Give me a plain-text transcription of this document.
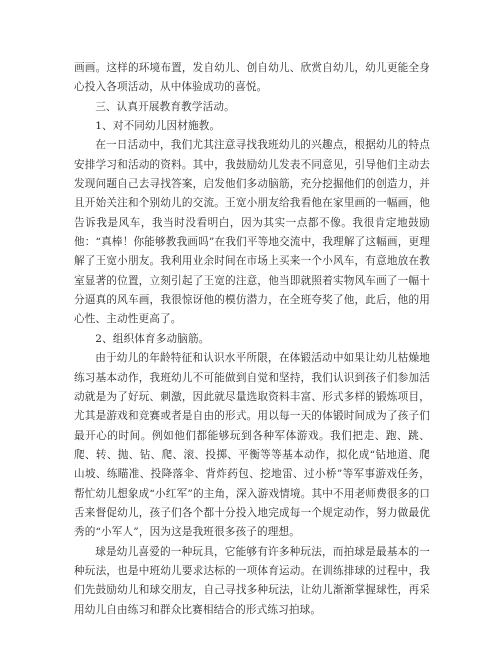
画画。这样的环境布置，发自幼儿、创自幼儿、欣赏自幼儿，幼儿更能全身心投入各项活动，从中体验成功的喜悦。

三、认真开展教育教学活动。

1、对不同幼儿因材施教。

在一日活动中，我们尤其注意寻找我班幼儿的兴趣点，根据幼儿的特点安排学习和活动的资料。其中，我鼓励幼儿发表不同意见，引导他们主动去发现问题自己去寻找答案，启发他们多动脑筋，充分挖掘他们的创造力，并且开始关注和个别幼儿的交流。王宽小朋友给我看他在家里画的一幅画，他告诉我是风车，我当时没看明白，因为其实一点都不像。我很肯定地鼓励他：“真棒！你能够教我画吗”在我们平等地交流中，我理解了这幅画，更理解了王宽小朋友。我利用业余时间在市场上买来一个小风车，有意地放在教室显著的位置，立刻引起了王宽的注意，他当即就照着实物风车画了一幅十分逼真的风车画，我很惊讶他的模仿潜力，在全班夸奖了他，此后，他的用心性、主动性更高了。

2、组织体育多动脑筋。

由于幼儿的年龄特征和认识水平所限，在体锻活动中如果让幼儿枯燥地练习基本动作，我班幼儿不可能做到自觉和坚持，我们认识到孩子们参加活动就是为了好玩、刺激，因此就尽量选取资料丰富、形式多样的锻炼项目，尤其是游戏和竞赛或者是自由的形式。用以每一天的体锻时间成为了孩子们最开心的时间。例如他们都能够玩到各种军体游戏。我们把走、跑、跳、爬、转、抛、钻、爬、滚、投掷、平衡等等基本动作，拟化成“钻地道、爬山坡、练瞄准、投降落伞、背炸药包、挖地雷、过小桥”等军事游戏任务，帮忙幼儿想象成“小红军”的主角，深入游戏情境。其中不用老师费很多的口舌来督促幼儿，孩子们各个都十分投入地完成每一个规定动作，努力做最优秀的“小军人”，因为这是我班很多孩子的理想。

球是幼儿喜爱的一种玩具，它能够有许多种玩法，而拍球是最基本的一种玩法，也是中班幼儿要求达标的一项体育运动。在训练排球的过程中，我们先鼓励幼儿和球交朋友，自己寻找多种玩法，让幼儿渐渐掌握球性，再采用幼儿自由练习和群众比赛相结合的形式练习拍球。
